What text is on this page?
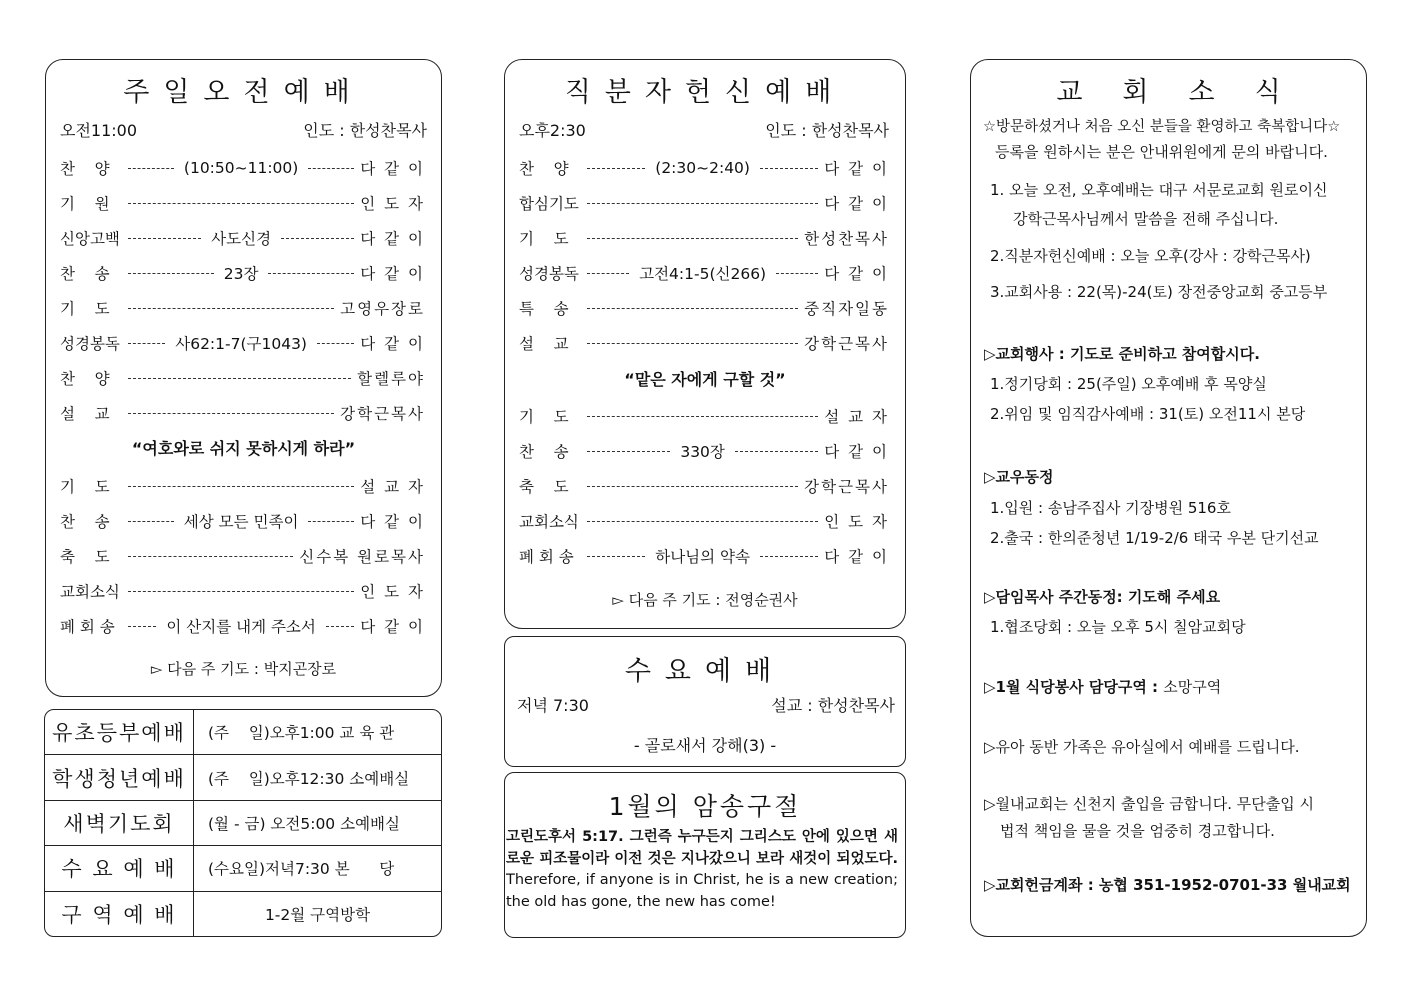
주일오전예배
오전11:00	인도 : 한성찬목사
찬    양	(10:50~11:00)	다 같 이
기    원	인 도 자
신앙고백	사도신경	다 같 이
찬    송	23장	다 같 이
기    도	고영우장로
성경봉독	사62:1-7(구1043)	다 같 이
찬    양	할렐루야
설    교	강학근목사
“여호와로 쉬지 못하시게 하라”
기    도	설 교 자
찬    송	세상 모든 민족이	다 같 이
축    도	신수복 원로목사
교회소식	인 도 자
폐 회 송	이 산지를 내게 주소서	다 같 이
▻ 다음 주 기도 : 박지곤장로
유초등부예배	(주    일)오후1:00 교 육 관
학생청년예배	(주    일)오후12:30 소예배실
새벽기도회	(월 - 금) 오전5:00 소예배실
수 요 예 배	(수요일)저녁7:30 본      당
구 역 예 배	1-2월 구역방학
직분자헌신예배
오후2:30	인도 : 한성찬목사
찬    양	(2:30~2:40)	다 같 이
합심기도	다 같 이
기    도	한성찬목사
성경봉독	고전4:1-5(신266)	다 같 이
특    송	중직자일동
설    교	강학근목사
“맡은 자에게 구할 것”
기    도	설 교 자
찬    송	330장	다 같 이
축    도	강학근목사
교회소식	인 도 자
폐 회 송	하나님의 약속	다 같 이
▻ 다음 주 기도 : 전영순권사
수요예배
저녁 7:30	설교 : 한성찬목사
- 골로새서 강해(3) -
1월의 암송구절
고린도후서 5:17. 그런즉 누구든지 그리스도 안에 있으면 새로운 피조물이라 이전 것은 지나갔으니 보라 새것이 되었도다. Therefore, if anyone is in Christ, he is a new creation; the old has gone, the new has come!
교회소식
☆방문하셨거나 처음 오신 분들을 환영하고 축복합니다☆
등록을 원하시는 분은 안내위원에게 문의 바랍니다.
1. 오늘 오전, 오후예배는 대구 서문로교회 원로이신
강학근목사님께서 말씀을 전해 주십니다.
2.직분자헌신예배 : 오늘 오후(강사 : 강학근목사)
3.교회사용 : 22(목)-24(토) 장전중앙교회 중고등부
▷교회행사 : 기도로 준비하고 참여합시다.
1.정기당회 : 25(주일) 오후예배 후 목양실
2.위임 및 임직감사예배 : 31(토) 오전11시 본당
▷교우동정
1.입원 : 송남주집사 기장병원 516호
2.출국 : 한의준청년 1/19-2/6 태국 우본 단기선교
▷담임목사 주간동정: 기도해 주세요
1.협조당회 : 오늘 오후 5시 칠암교회당
▷1월 식당봉사 담당구역 : 소망구역
▷유아 동반 가족은 유아실에서 예배를 드립니다.
▷월내교회는 신천지 출입을 금합니다. 무단출입 시
법적 책임을 물을 것을 엄중히 경고합니다.
▷교회헌금계좌 : 농협 351-1952-0701-33 월내교회
